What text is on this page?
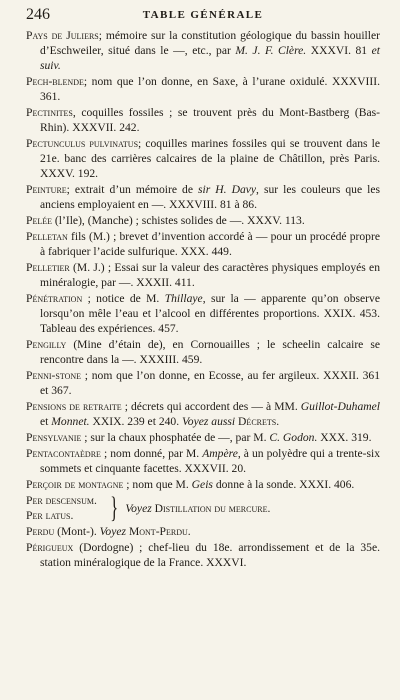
246	TABLE GÉNÉRALE

Pays de Juliers; mémoire sur la constitution géologique du bassin houiller d’Eschweiler, situé dans le —, etc., par M. J. F. Clère. XXXVI. 81 et suiv.

Pech-blende; nom que l’on donne, en Saxe, à l’urane oxidulé. XXXVIII. 361.

Pectinites, coquilles fossiles ; se trouvent près du Mont-Bastberg (Bas-Rhin). XXXVII. 242.

Pectunculus pulvinatus; coquilles marines fossiles qui se trouvent dans le 21e. banc des carrières calcaires de la plaine de Châtillon, près Paris. XXXV. 192.

Peinture; extrait d’un mémoire de sir H. Davy, sur les couleurs que les anciens employaient en —. XXXVIII. 81 à 86.

Pelée (l’Ile), (Manche) ; schistes solides de —. XXXV. 113.

Pelletan fils (M.) ; brevet d’invention accordé à — pour un procédé propre à fabriquer l’acide sulfurique. XXX. 449.

Pelletier (M. J.) ; Essai sur la valeur des caractères physiques employés en minéralogie, par —. XXXII. 411.

Pénétration ; notice de M. Thillaye, sur la — apparente qu’on observe lorsqu’on mêle l’eau et l’alcool en différentes proportions. XXIX. 453. Tableau des expériences. 457.

Pengilly (Mine d’étain de), en Cornouailles ; le scheelin calcaire se rencontre dans la —. XXXIII. 459.

Penni-stone ; nom que l’on donne, en Ecosse, au fer argileux. XXXII. 361 et 367.

Pensions de retraite ; décrets qui accordent des — à MM. Guillot-Duhamel et Monnet. XXIX. 239 et 240. Voyez aussi Décrets.

Pensylvanie ; sur la chaux phosphatée de —, par M. C. Godon. XXX. 319.

Pentacontaèdre ; nom donné, par M. Ampère, à un polyèdre qui a trente-six sommets et cinquante facettes. XXXVII. 20.

Perçoir de montagne ; nom que M. Geis donne à la sonde. XXXI. 406.

Per descensum.
Per latus.	} Voyez Distillation du mercure.

Perdu (Mont-). Voyez Mont-Perdu.

Périgueux (Dordogne) ; chef-lieu du 18e. arrondissement et de la 35e. station minéralogique de la France. XXXVI.
